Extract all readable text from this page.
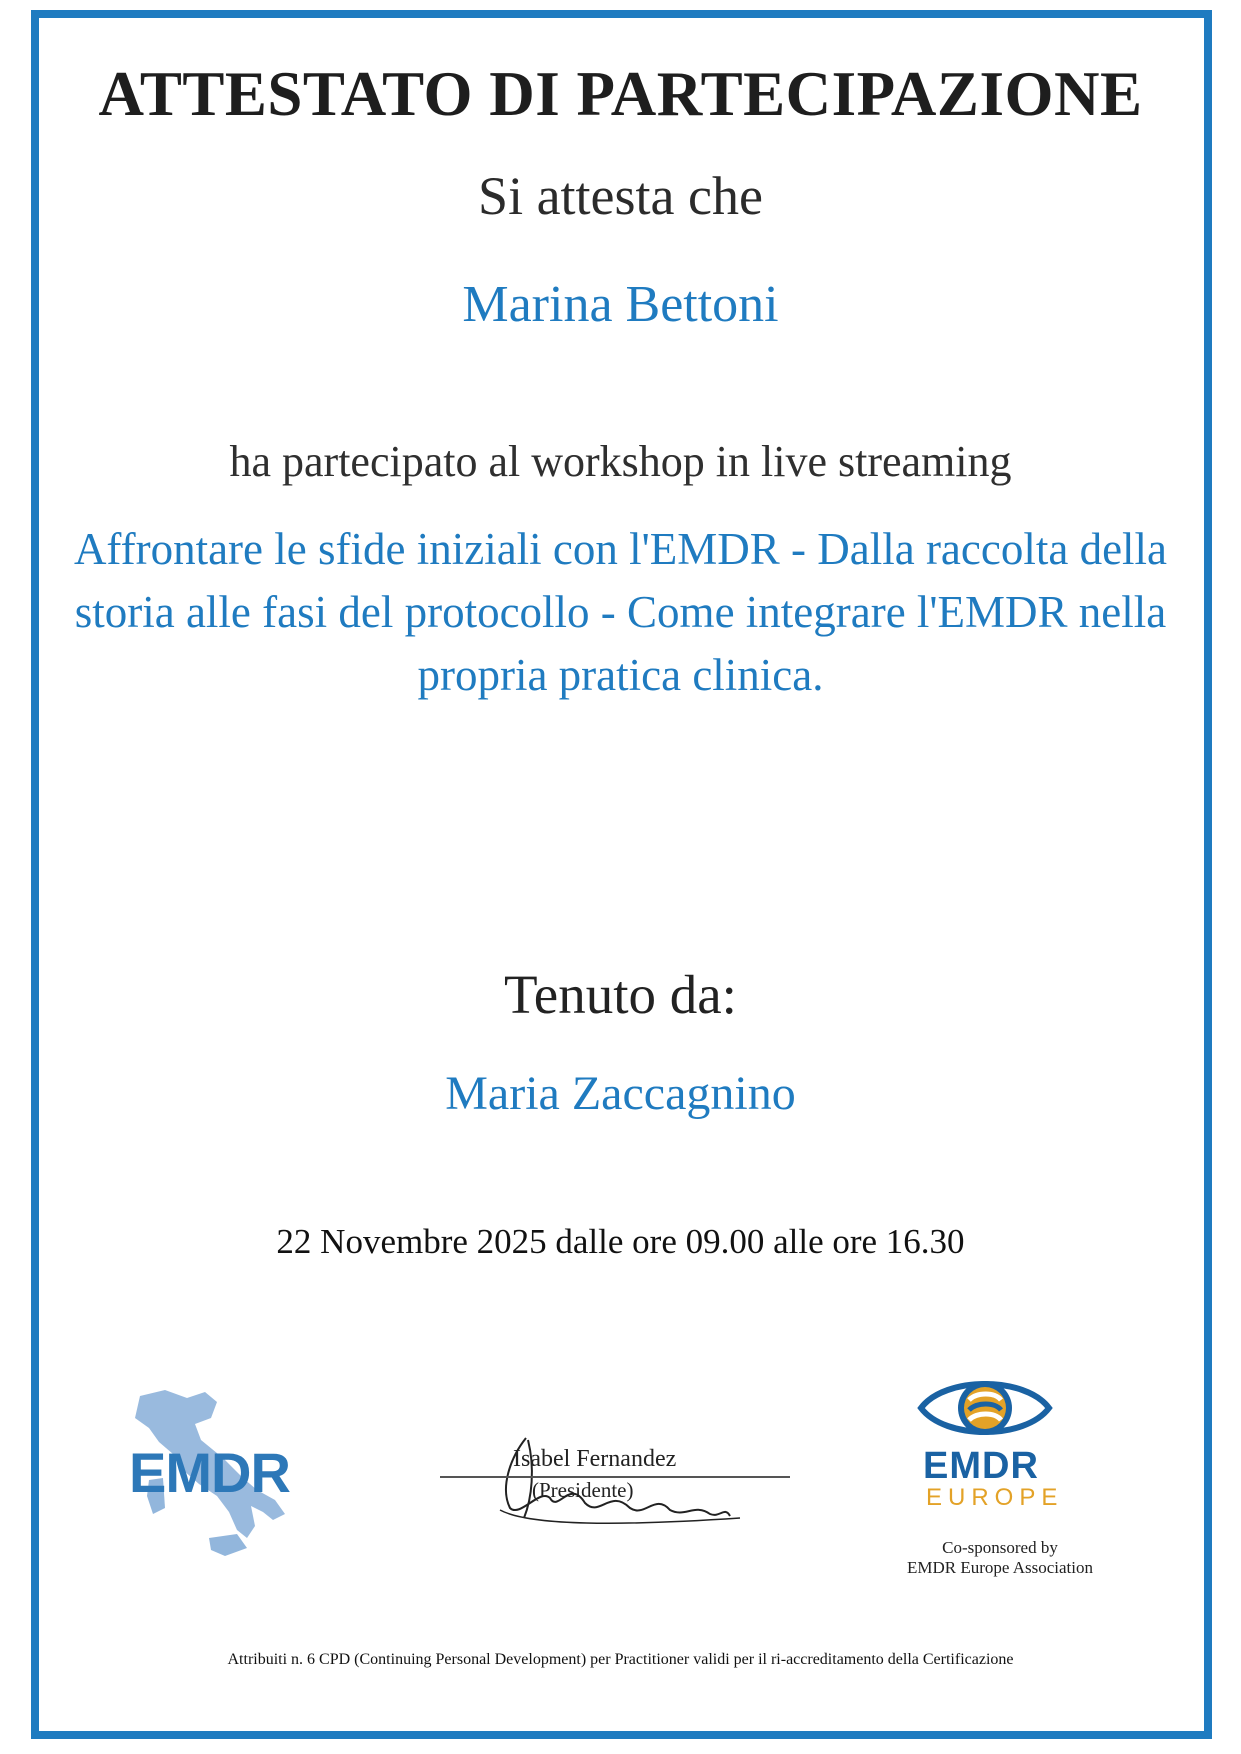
ATTESTATO DI PARTECIPAZIONE
Si attesta che
Marina Bettoni
ha partecipato al workshop in live streaming
Affrontare le sfide iniziali con l'EMDR - Dalla raccolta della storia alle fasi del protocollo - Come integrare l'EMDR nella propria pratica clinica.
Tenuto da:
Maria Zaccagnino
22 Novembre 2025 dalle ore 09.00 alle ore 16.30
EMDR	Isabel Fernandez
(Presidente)
EMDR
EUROPE
Co-sponsored by
EMDR Europe Association
Attribuiti n. 6 CPD (Continuing Personal Development) per Practitioner validi per il ri-accreditamento della Certificazione
